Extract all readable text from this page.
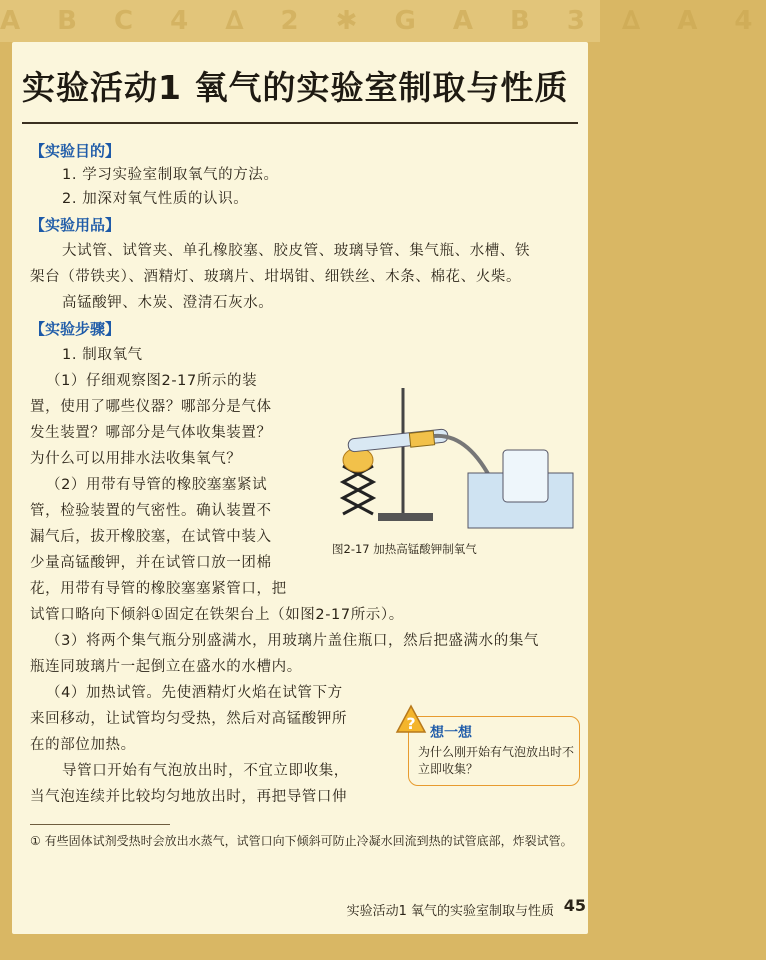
A B C 4 ∆ 2 ✱ G A B 3 ∆ A 4
实验活动1 氧气的实验室制取与性质
【实验目的】
1. 学习实验室制取氧气的方法。
2. 加深对氧气性质的认识。
【实验用品】
大试管、试管夹、单孔橡胶塞、胶皮管、玻璃导管、集气瓶、水槽、铁
架台（带铁夹）、酒精灯、玻璃片、坩埚钳、细铁丝、木条、棉花、火柴。
高锰酸钾、木炭、澄清石灰水。
【实验步骤】
1. 制取氧气
（1）仔细观察图2-17所示的装
置，使用了哪些仪器？哪部分是气体
发生装置？哪部分是气体收集装置？
为什么可以用排水法收集氧气？
（2）用带有导管的橡胶塞塞紧试
管，检验装置的气密性。确认装置不
漏气后，拔开橡胶塞，在试管中装入
少量高锰酸钾，并在试管口放一团棉
花，用带有导管的橡胶塞塞紧管口，把
试管口略向下倾斜①固定在铁架台上（如图2-17所示）。
（3）将两个集气瓶分别盛满水，用玻璃片盖住瓶口，然后把盛满水的集气
瓶连同玻璃片一起倒立在盛水的水槽内。
（4）加热试管。先使酒精灯火焰在试管下方
来回移动，让试管均匀受热，然后对高锰酸钾所
在的部位加热。
导管口开始有气泡放出时，不宜立即收集，
当气泡连续并比较均匀地放出时，再把导管口伸
图2-17 加热高锰酸钾制氧气
? 想一想
为什么刚开始有气泡放出时不立即收集？
① 有些固体试剂受热时会放出水蒸气，试管口向下倾斜可防止冷凝水回流到热的试管底部，炸裂试管。
实验活动1 氧气的实验室制取与性质 45
